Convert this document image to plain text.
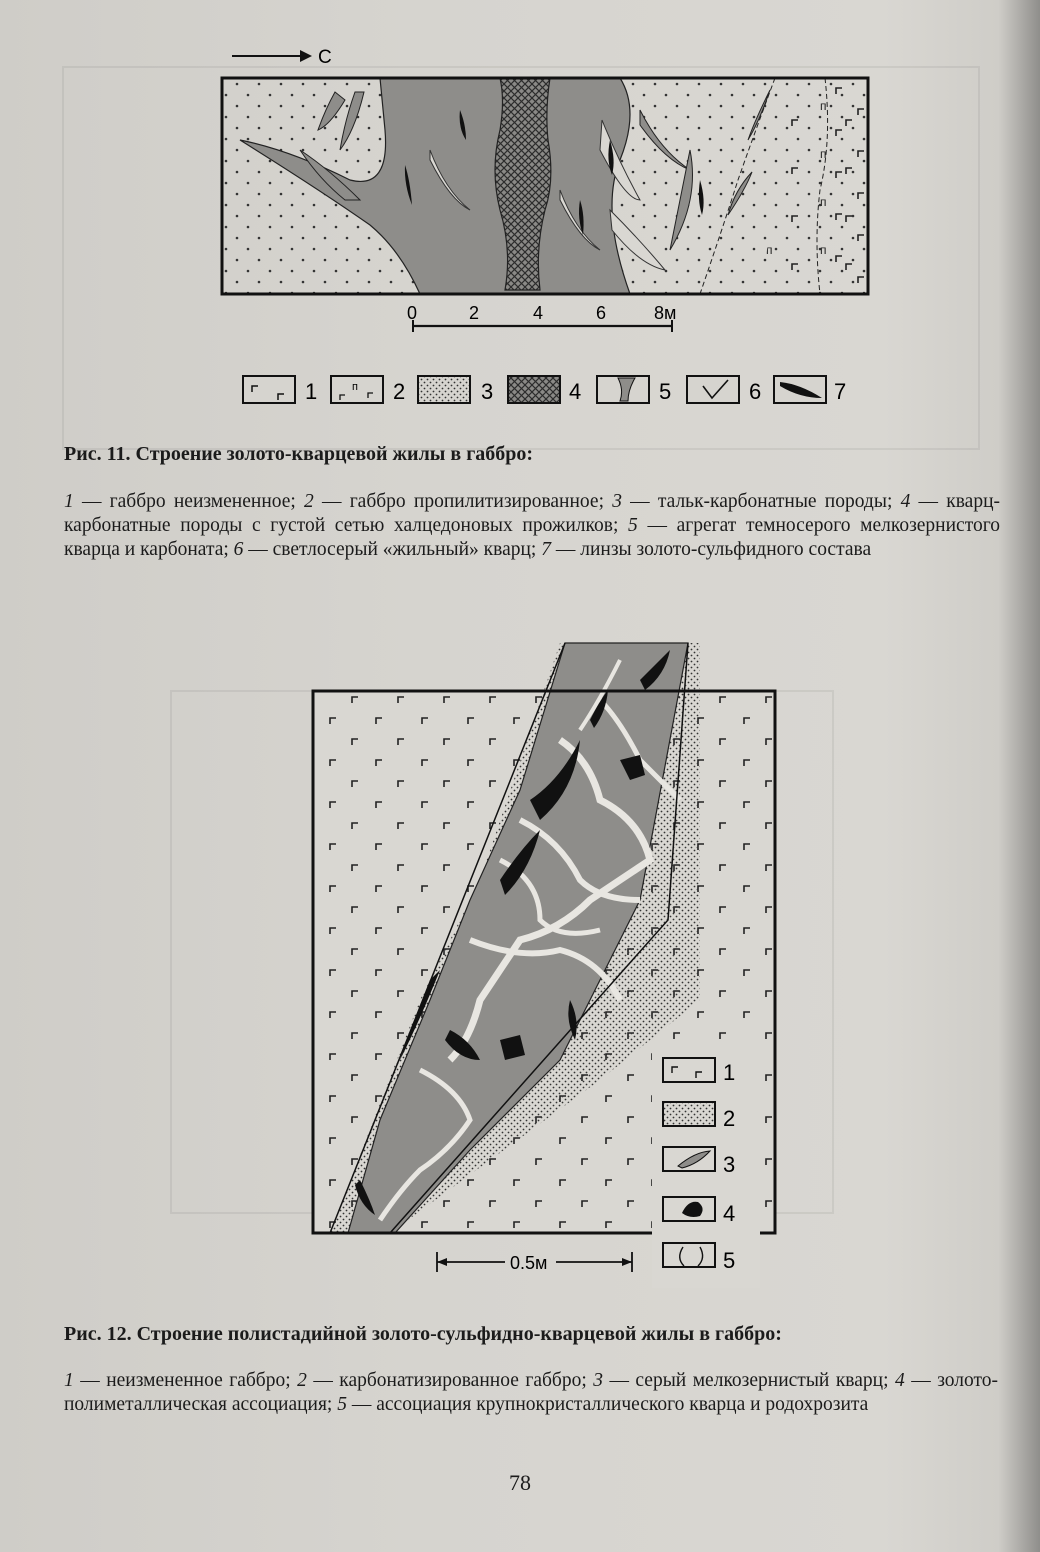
С
0	2	4	6	8м
п
1	2	3	4	5	6	7
0.5м
1
2
3
4
5
Рис. 11. Строение золото-кварцевой жилы в габбро:
1 — габбро неизмененное; 2 — габбро пропилитизированное; 3 — тальк-карбонатные породы; 4 — кварц-карбонатные породы с густой сетью халцедоновых прожилков; 5 — агрегат темносерого мелкозернистого кварца и карбоната; 6 — светлосерый «жильный» кварц; 7 — линзы золото-сульфидного состава
Рис. 12. Строение полистадийной золото-сульфидно-кварцевой жилы в габбро:
1 — неизмененное габбро; 2 — карбонатизированное габбро; 3 — серый мелкозернистый кварц; 4 — золото-полиметаллическая ассоциация; 5 — ассоциация крупнокристаллического кварца и родохрозита
78
